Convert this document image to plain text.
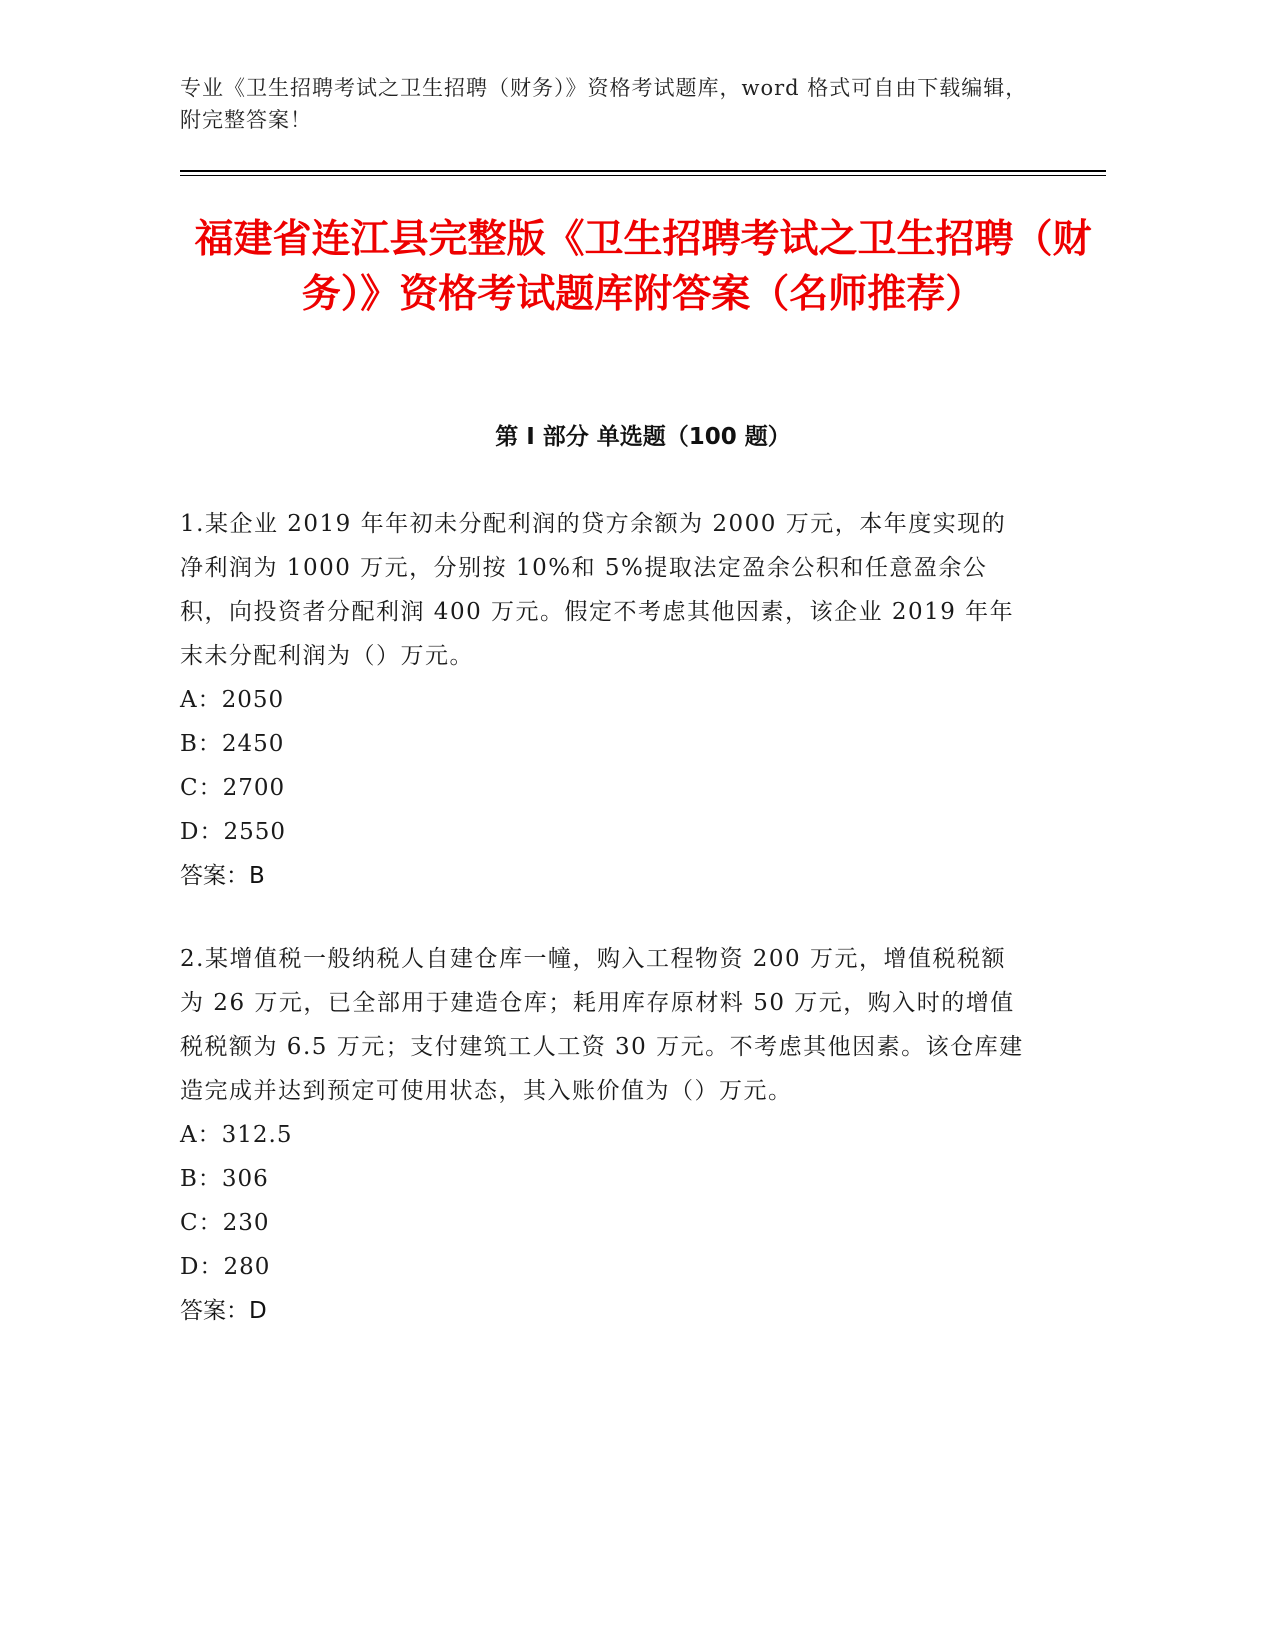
专业《卫生招聘考试之卫生招聘（财务）》资格考试题库，word 格式可自由下载编辑，附完整答案！
福建省连江县完整版《卫生招聘考试之卫生招聘（财务）》资格考试题库附答案（名师推荐）
第 I 部分 单选题（100 题）

1.某企业 2019 年年初未分配利润的贷方余额为 2000 万元，本年度实现的净利润为 1000 万元，分别按 10%和 5%提取法定盈余公积和任意盈余公积，向投资者分配利润 400 万元。假定不考虑其他因素，该企业 2019 年年末未分配利润为（）万元。

A：2050

B：2450

C：2700

D：2550

答案：B

2.某增值税一般纳税人自建仓库一幢，购入工程物资 200 万元，增值税税额为 26 万元，已全部用于建造仓库；耗用库存原材料 50 万元，购入时的增值税税额为 6.5 万元；支付建筑工人工资 30 万元。不考虑其他因素。该仓库建造完成并达到预定可使用状态，其入账价值为（）万元。

A：312.5

B：306

C：230

D：280

答案：D
